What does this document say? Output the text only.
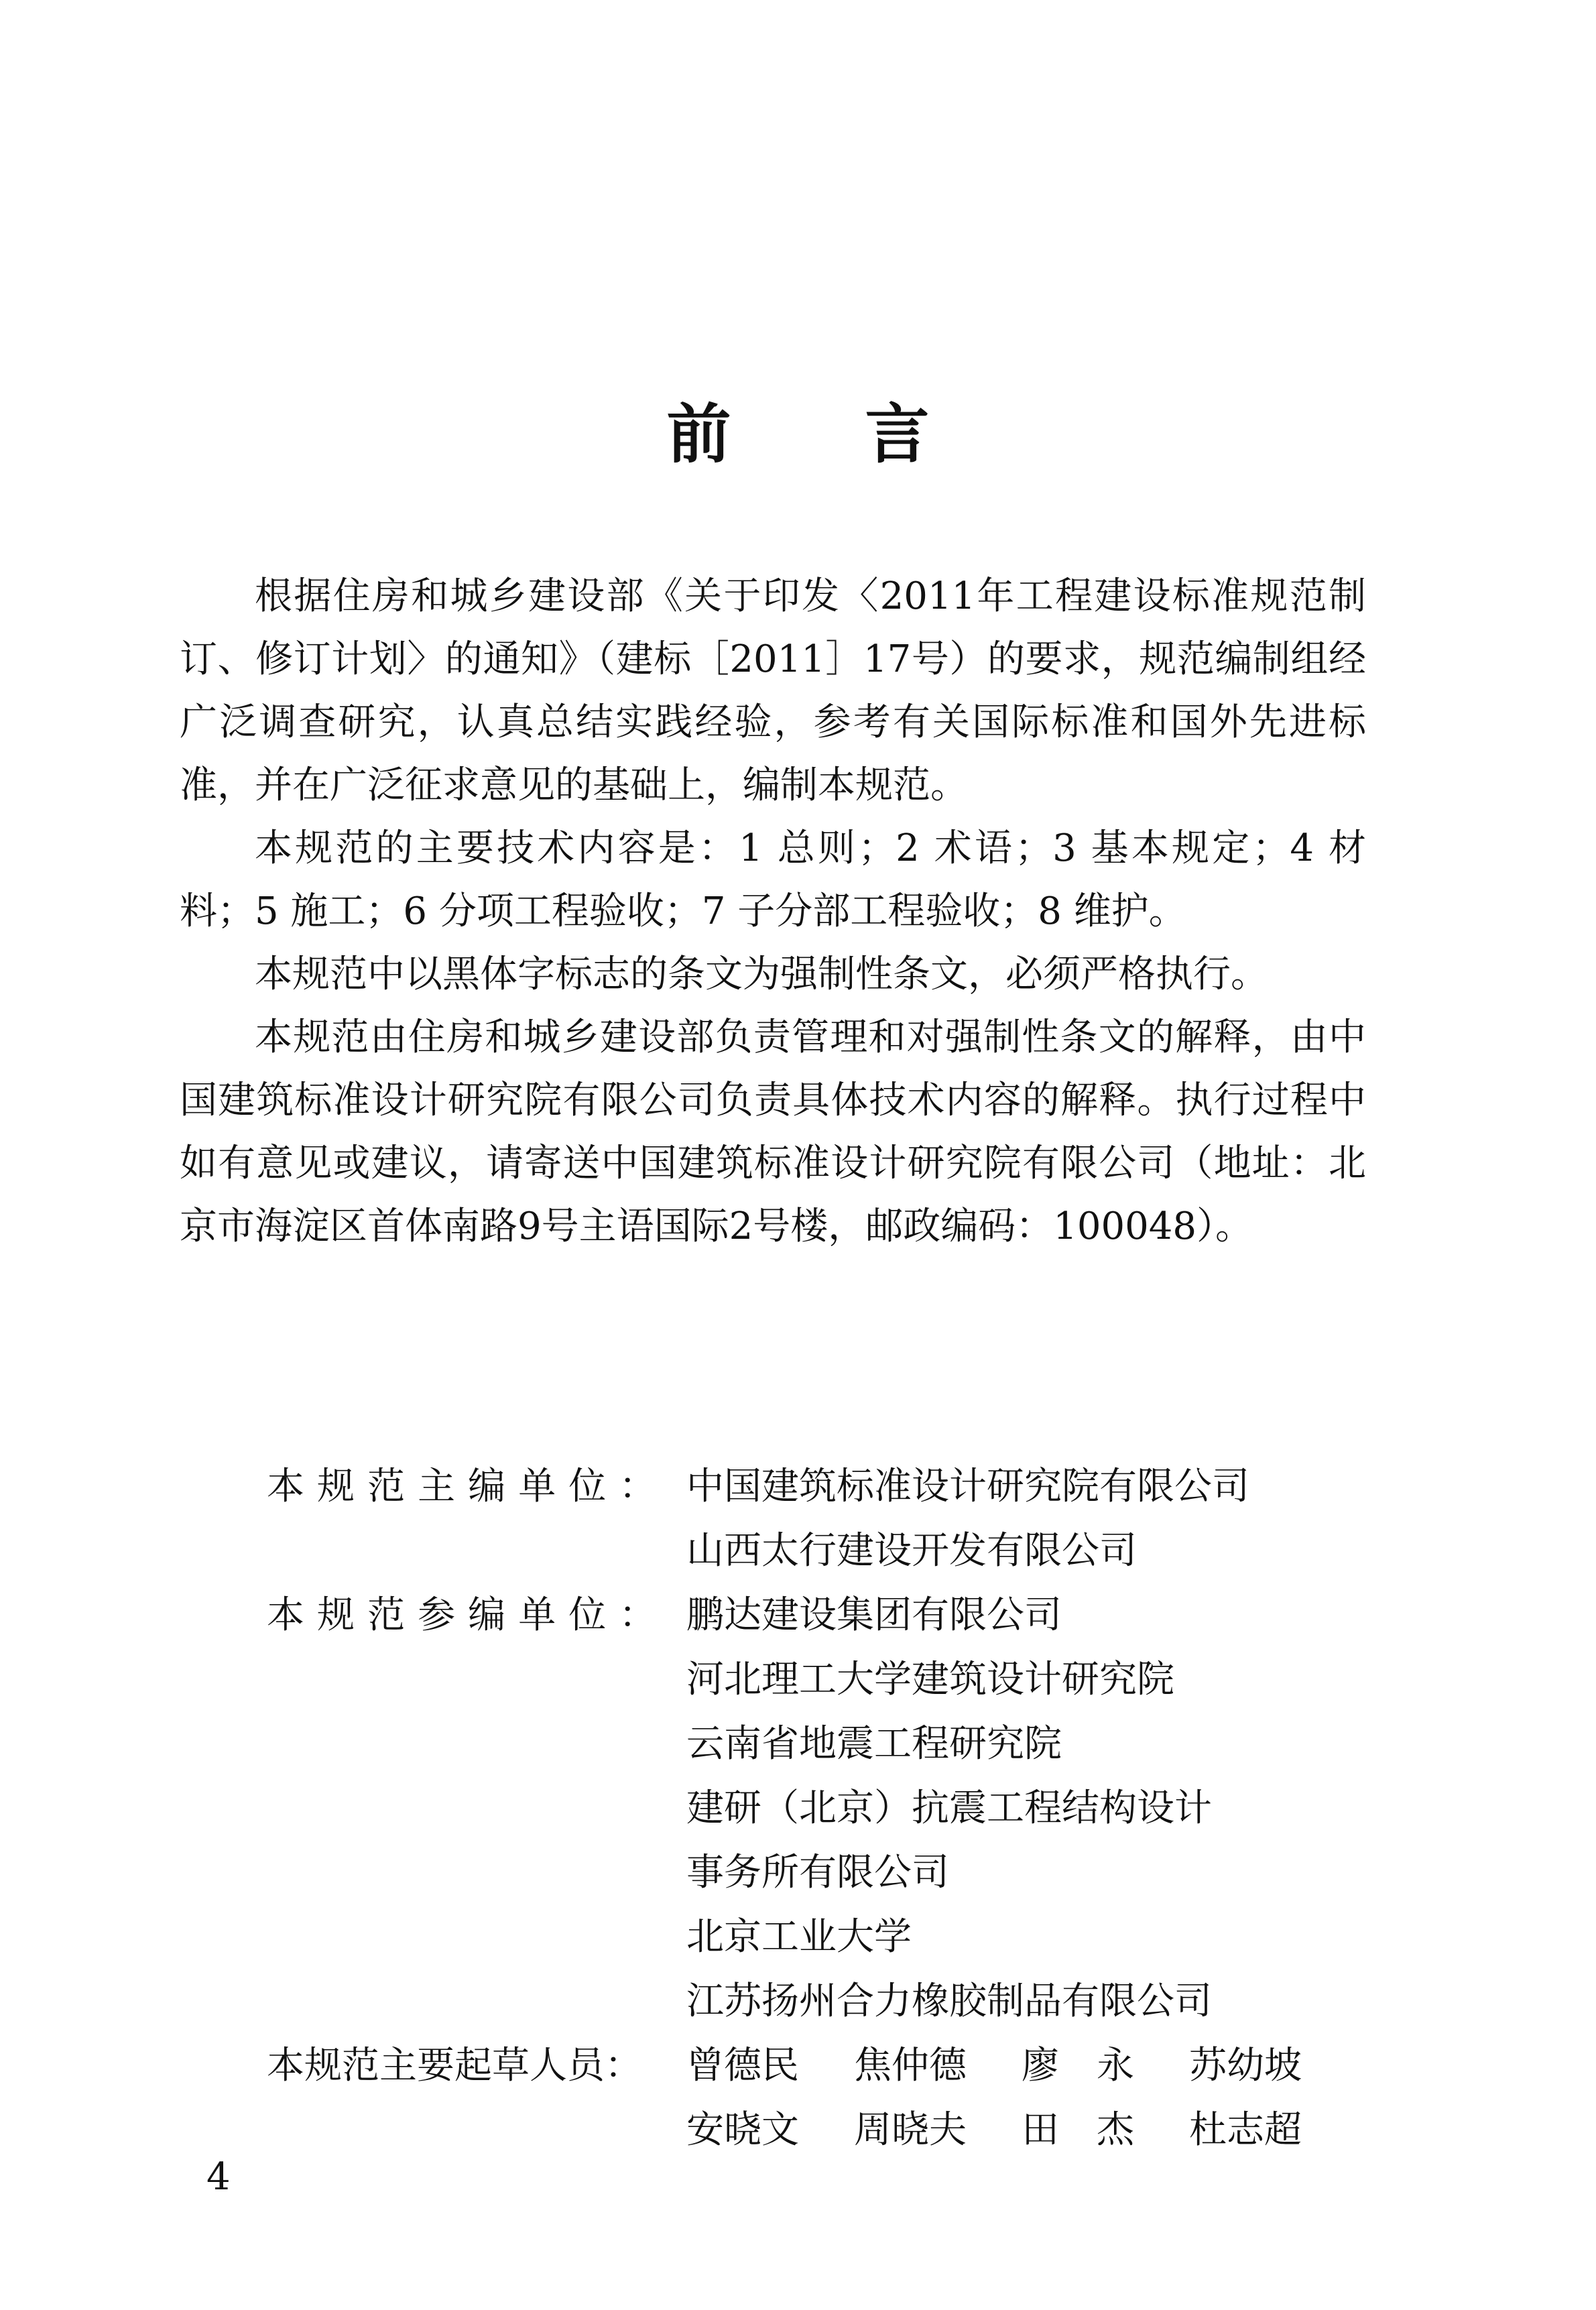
前 言

根据住房和城乡建设部《关于印发〈2011年工程建设标准规范制订、修订计划〉的通知》（建标［2011］17号）的要求，规范编制组经广泛调查研究，认真总结实践经验，参考有关国际标准和国外先进标准，并在广泛征求意见的基础上，编制本规范。

本规范的主要技术内容是：1 总则；2 术语；3 基本规定；4 材料；5 施工；6 分项工程验收；7 子分部工程验收；8 维护。

本规范中以黑体字标志的条文为强制性条文，必须严格执行。

本规范由住房和城乡建设部负责管理和对强制性条文的解释，由中国建筑标准设计研究院有限公司负责具体技术内容的解释。执行过程中如有意见或建议，请寄送中国建筑标准设计研究院有限公司（地址：北京市海淀区首体南路9号主语国际2号楼，邮政编码：100048）。

本规范主编单位： 中国建筑标准设计研究院有限公司
山西太行建设开发有限公司
本规范参编单位： 鹏达建设集团有限公司
河北理工大学建筑设计研究院
云南省地震工程研究院
建研（北京）抗震工程结构设计
事务所有限公司
北京工业大学
江苏扬州合力橡胶制品有限公司
本规范主要起草人员：	曾德民	焦仲德	廖　永	苏幼坡
安晓文	周晓夫	田　杰	杜志超
4
